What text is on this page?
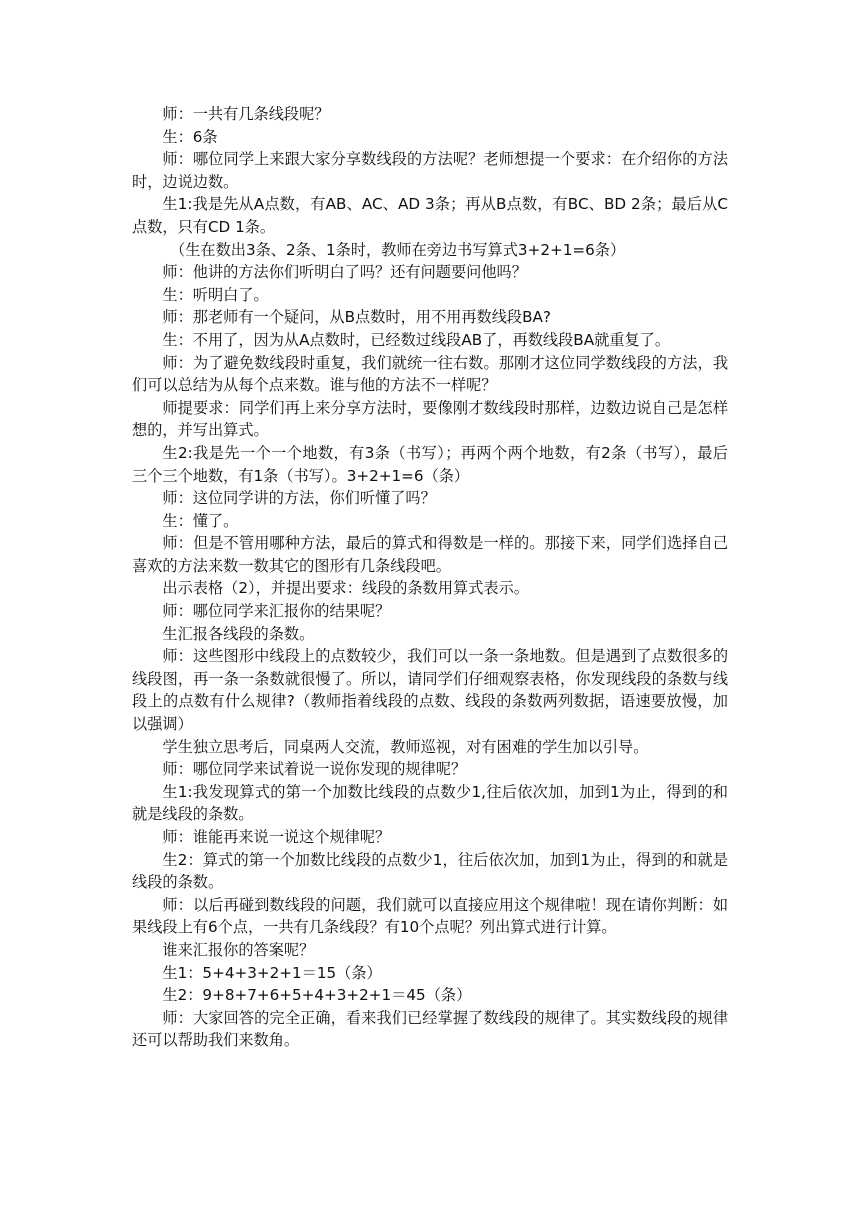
师：一共有几条线段呢？

生：6条

师：哪位同学上来跟大家分享数线段的方法呢？老师想提一个要求：在介绍你的方法时，边说边数。

生1:我是先从A点数，有AB、AC、AD 3条；再从B点数，有BC、BD 2条；最后从C点数，只有CD 1条。

（生在数出3条、2条、1条时，教师在旁边书写算式3+2+1=6条）

师：他讲的方法你们听明白了吗？还有问题要问他吗？

生：听明白了。

师：那老师有一个疑问，从B点数时，用不用再数线段BA?

生：不用了，因为从A点数时，已经数过线段AB了，再数线段BA就重复了。

师：为了避免数线段时重复，我们就统一往右数。那刚才这位同学数线段的方法，我们可以总结为从每个点来数。谁与他的方法不一样呢？

师提要求：同学们再上来分享方法时，要像刚才数线段时那样，边数边说自己是怎样想的，并写出算式。

生2:我是先一个一个地数，有3条（书写）；再两个两个地数，有2条（书写），最后三个三个地数，有1条（书写）。3+2+1=6（条）

师：这位同学讲的方法，你们听懂了吗？

生：懂了。

师：但是不管用哪种方法，最后的算式和得数是一样的。那接下来，同学们选择自己喜欢的方法来数一数其它的图形有几条线段吧。

出示表格（2），并提出要求：线段的条数用算式表示。

师：哪位同学来汇报你的结果呢？

生汇报各线段的条数。

师：这些图形中线段上的点数较少，我们可以一条一条地数。但是遇到了点数很多的线段图，再一条一条数就很慢了。所以，请同学们仔细观察表格，你发现线段的条数与线段上的点数有什么规律?（教师指着线段的点数、线段的条数两列数据，语速要放慢，加以强调）

学生独立思考后，同桌两人交流，教师巡视，对有困难的学生加以引导。

师：哪位同学来试着说一说你发现的规律呢？

生1:我发现算式的第一个加数比线段的点数少1,往后依次加，加到1为止，得到的和就是线段的条数。

师：谁能再来说一说这个规律呢？

生2：算式的第一个加数比线段的点数少1，往后依次加，加到1为止，得到的和就是线段的条数。

师：以后再碰到数线段的问题，我们就可以直接应用这个规律啦！现在请你判断：如果线段上有6个点，一共有几条线段？有10个点呢？列出算式进行计算。

谁来汇报你的答案呢？

生1：5+4+3+2+1＝15（条）

生2：9+8+7+6+5+4+3+2+1＝45（条）

师：大家回答的完全正确，看来我们已经掌握了数线段的规律了。其实数线段的规律还可以帮助我们来数角。
